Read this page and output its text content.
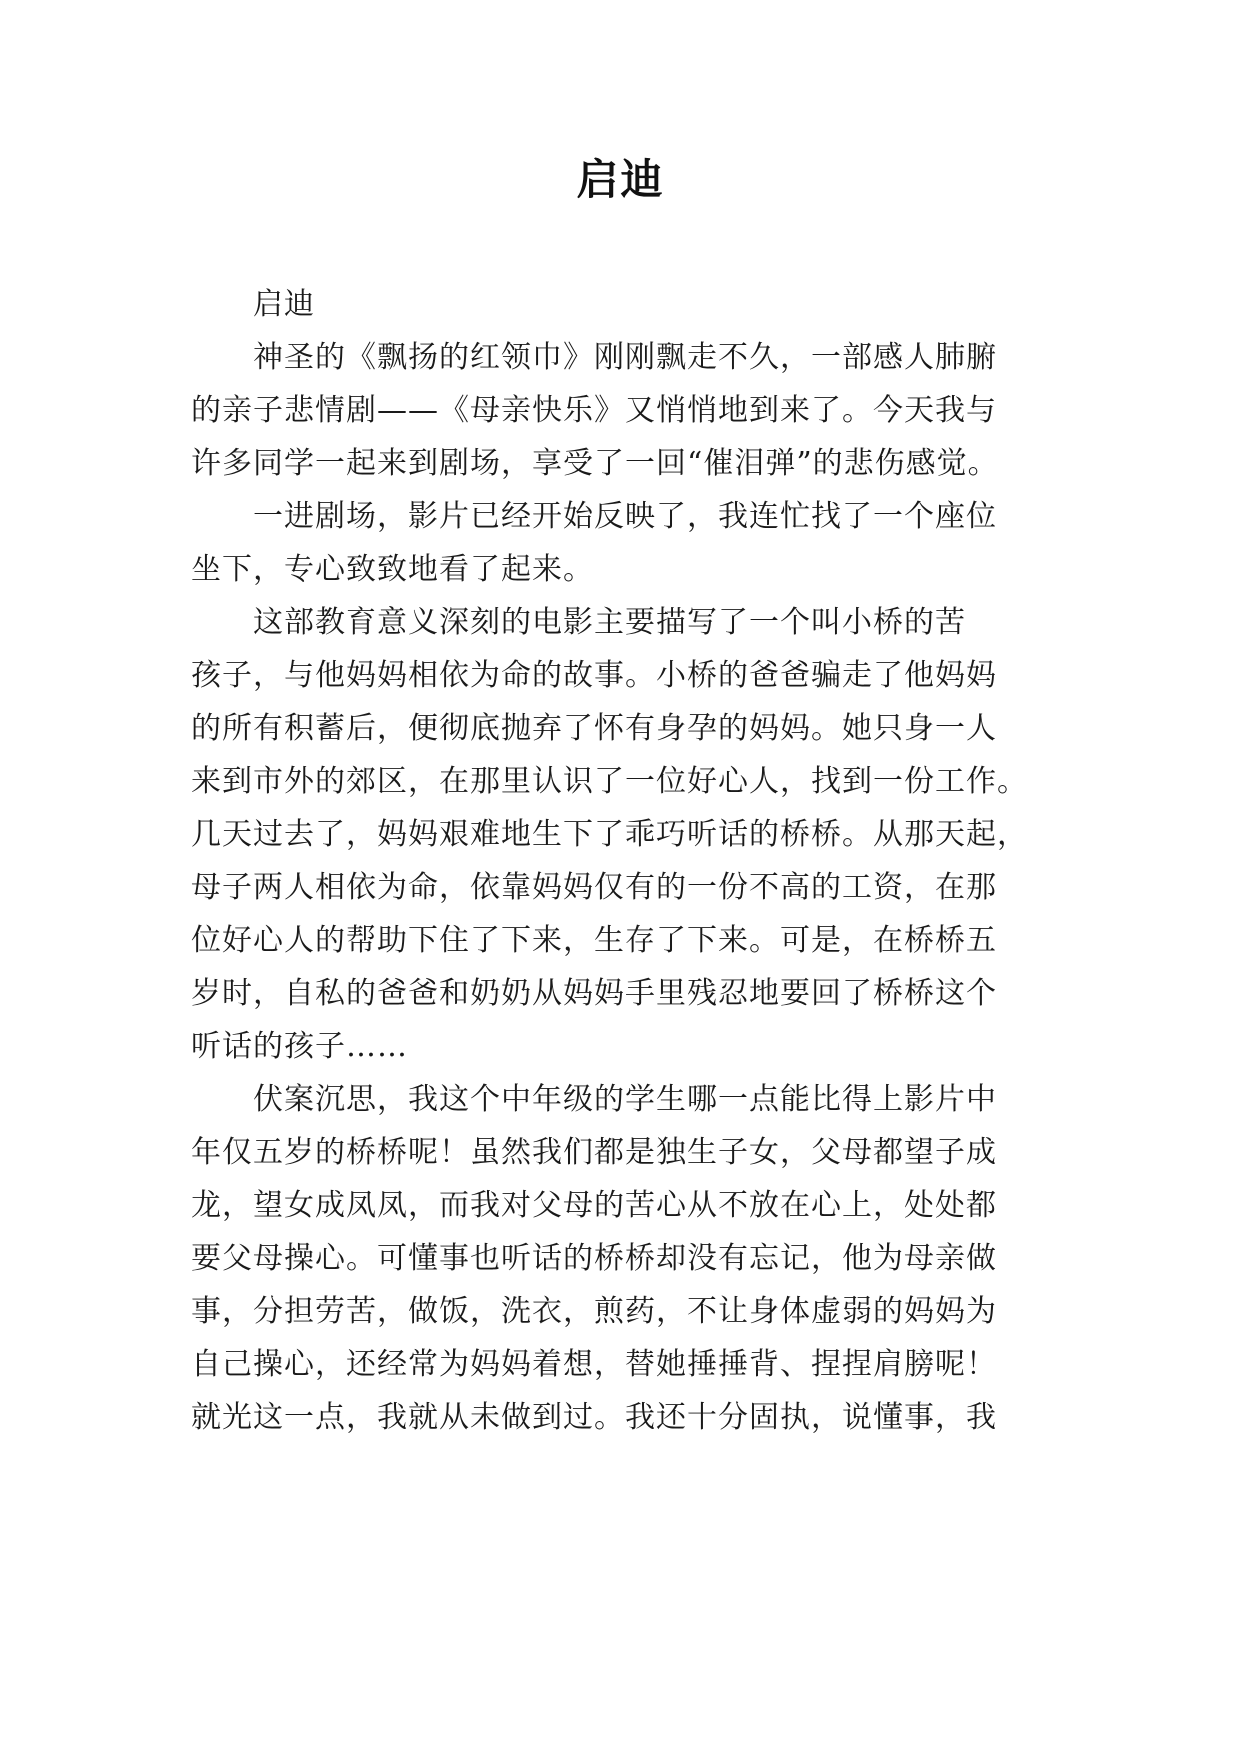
启迪
启迪
神圣的《飘扬的红领巾》刚刚飘走不久，一部感人肺腑
的亲子悲情剧——《母亲快乐》又悄悄地到来了。今天我与
许多同学一起来到剧场，享受了一回“催泪弹”的悲伤感觉。
一进剧场，影片已经开始反映了，我连忙找了一个座位
坐下，专心致致地看了起来。
这部教育意义深刻的电影主要描写了一个叫小桥的苦
孩子，与他妈妈相依为命的故事。小桥的爸爸骗走了他妈妈
的所有积蓄后，便彻底抛弃了怀有身孕的妈妈。她只身一人
来到市外的郊区，在那里认识了一位好心人，找到一份工作。
几天过去了，妈妈艰难地生下了乖巧听话的桥桥。从那天起，
母子两人相依为命，依靠妈妈仅有的一份不高的工资，在那
位好心人的帮助下住了下来，生存了下来。可是，在桥桥五
岁时，自私的爸爸和奶奶从妈妈手里残忍地要回了桥桥这个
听话的孩子……
伏案沉思，我这个中年级的学生哪一点能比得上影片中
年仅五岁的桥桥呢！虽然我们都是独生子女，父母都望子成
龙，望女成凤凤，而我对父母的苦心从不放在心上，处处都
要父母操心。可懂事也听话的桥桥却没有忘记，他为母亲做
事，分担劳苦，做饭，洗衣，煎药，不让身体虚弱的妈妈为
自己操心，还经常为妈妈着想，替她捶捶背、捏捏肩膀呢！
就光这一点，我就从未做到过。我还十分固执，说懂事，我
